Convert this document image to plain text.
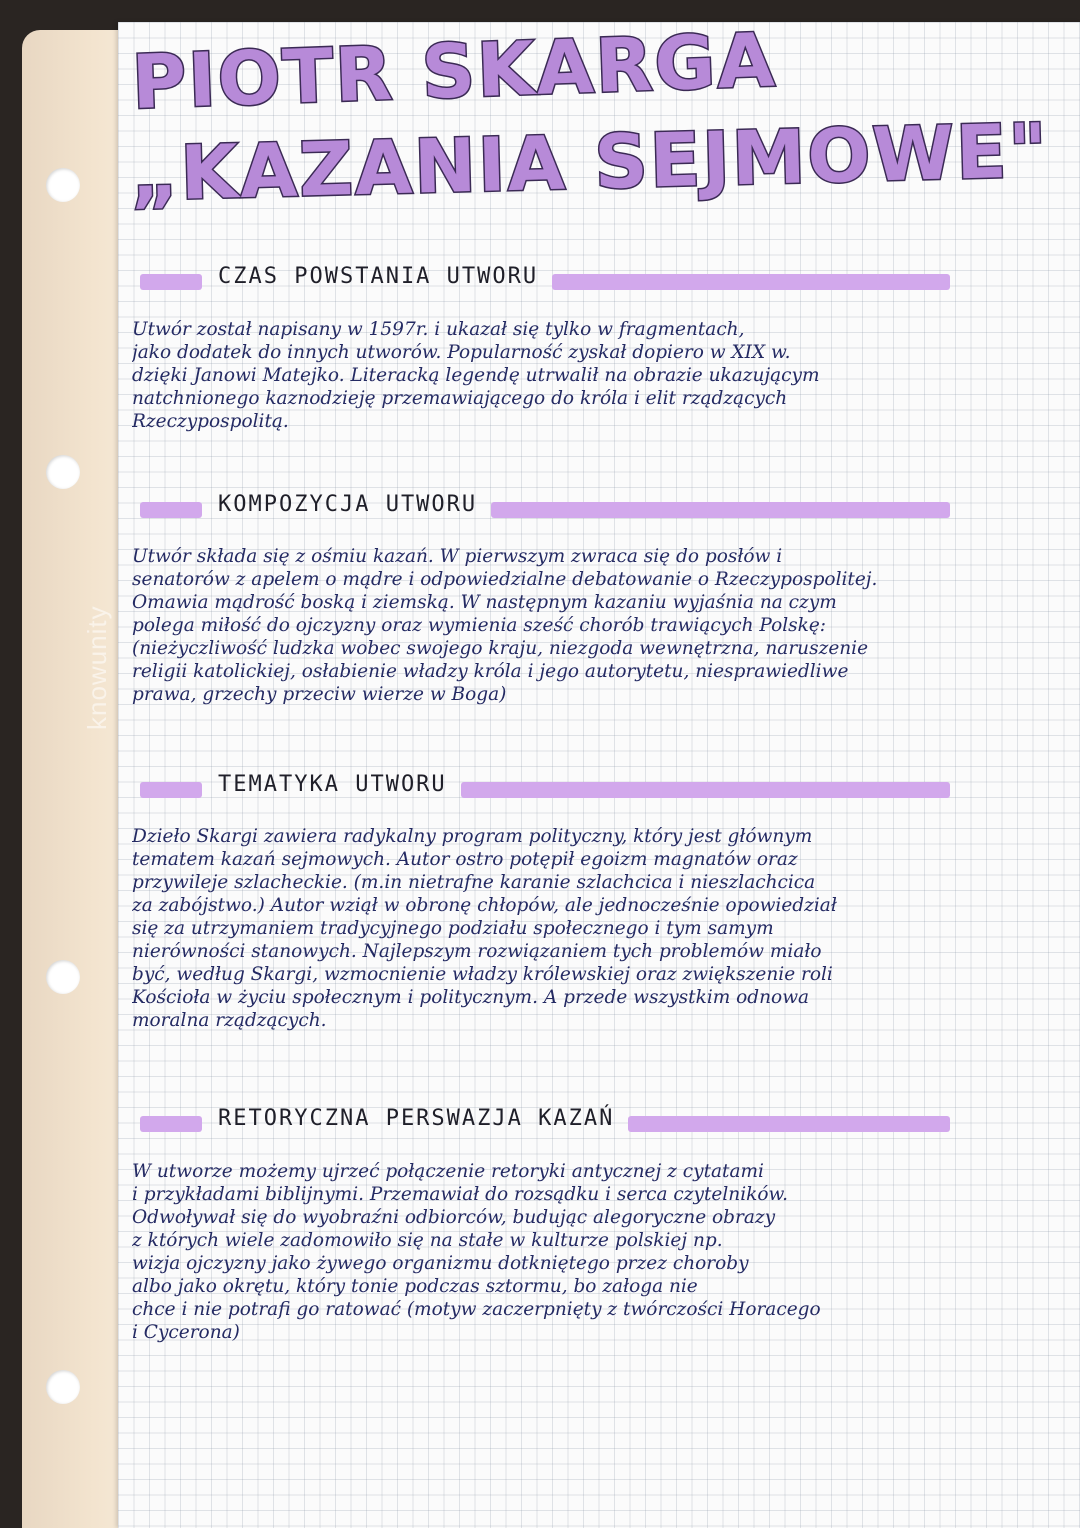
knowunity
PIOTR SKARGA
„KAZANIA SEJMOWE"
CZAS POWSTANIA UTWORU
Utwór został napisany w 1597r. i ukazał się tylko w fragmentach,
jako dodatek do innych utworów. Popularność zyskał dopiero w XIX w.
dzięki Janowi Matejko. Literacką legendę utrwalił na obrazie ukazującym
natchnionego kaznodzieję przemawiającego do króla i elit rządzących
Rzeczypospolitą.
KOMPOZYCJA UTWORU
Utwór składa się z ośmiu kazań. W pierwszym zwraca się do posłów i
senatorów z apelem o mądre i odpowiedzialne debatowanie o Rzeczypospolitej.
Omawia mądrość boską i ziemską. W następnym kazaniu wyjaśnia na czym
polega miłość do ojczyzny oraz wymienia sześć chorób trawiących Polskę:
(nieżyczliwość ludzka wobec swojego kraju, niezgoda wewnętrzna, naruszenie
religii katolickiej, osłabienie władzy króla i jego autorytetu, niesprawiedliwe
prawa, grzechy przeciw wierze w Boga)
TEMATYKA UTWORU
Dzieło Skargi zawiera radykalny program polityczny, który jest głównym
tematem kazań sejmowych. Autor ostro potępił egoizm magnatów oraz
przywileje szlacheckie. (m.in nietrafne karanie szlachcica i nieszlachcica
za zabójstwo.) Autor wziął w obronę chłopów, ale jednocześnie opowiedział
się za utrzymaniem tradycyjnego podziału społecznego i tym samym
nierówności stanowych. Najlepszym rozwiązaniem tych problemów miało
być, według Skargi, wzmocnienie władzy królewskiej oraz zwiększenie roli
Kościoła w życiu społecznym i politycznym. A przede wszystkim odnowa
moralna rządzących.
RETORYCZNA PERSWAZJA KAZAŃ
W utworze możemy ujrzeć połączenie retoryki antycznej z cytatami
i przykładami biblijnymi. Przemawiał do rozsądku i serca czytelników.
Odwoływał się do wyobraźni odbiorców, budując alegoryczne obrazy
z których wiele zadomowiło się na stałe w kulturze polskiej np.
wizja ojczyzny jako żywego organizmu dotkniętego przez choroby
albo jako okrętu, który tonie podczas sztormu, bo załoga nie
chce i nie potrafi go ratować (motyw zaczerpnięty z twórczości Horacego
i Cycerona)
